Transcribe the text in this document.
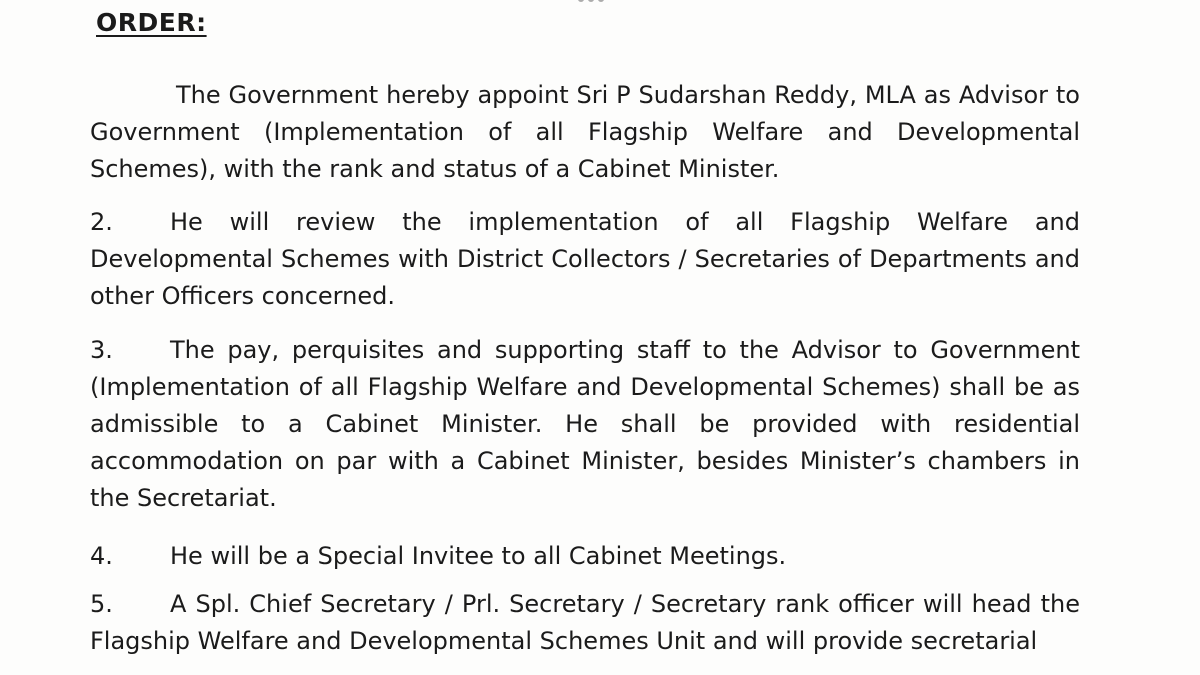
ORDER:

The Government hereby appoint Sri P Sudarshan Reddy, MLA as Advisor to Government (Implementation of all Flagship Welfare and Developmental Schemes), with the rank and status of a Cabinet Minister.

2. He will review the implementation of all Flagship Welfare and Developmental Schemes with District Collectors / Secretaries of Departments and other Officers concerned.

3. The pay, perquisites and supporting staff to the Advisor to Government (Implementation of all Flagship Welfare and Developmental Schemes) shall be as admissible to a Cabinet Minister. He shall be provided with residential accommodation on par with a Cabinet Minister, besides Minister’s chambers in the Secretariat.

4. He will be a Special Invitee to all Cabinet Meetings.

5. A Spl. Chief Secretary / Prl. Secretary / Secretary rank officer will head the Flagship Welfare and Developmental Schemes Unit and will provide secretarial
